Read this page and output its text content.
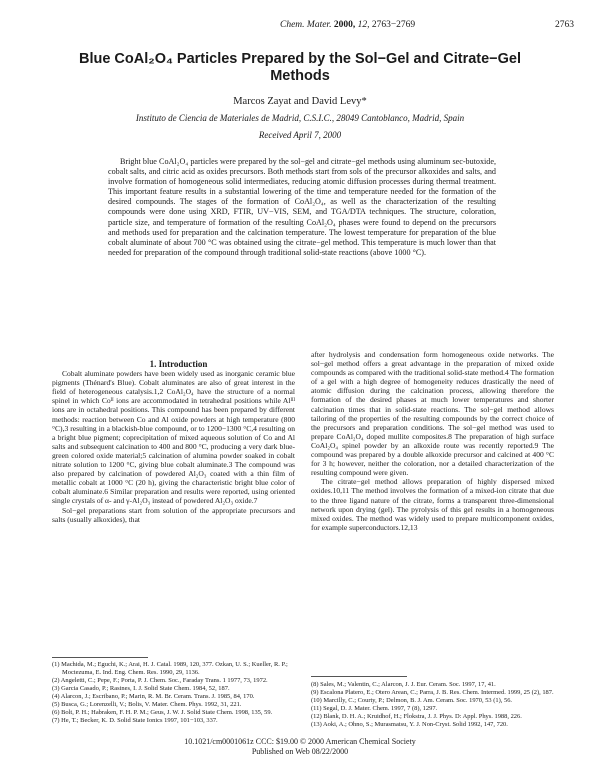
Chem. Mater. 2000, 12, 2763−2769	2763
Blue CoAl₂O₄ Particles Prepared by the Sol−Gel and Citrate−Gel Methods
Marcos Zayat and David Levy*
Instituto de Ciencia de Materiales de Madrid, C.S.I.C., 28049 Cantoblanco, Madrid, Spain
Received April 7, 2000
Bright blue CoAl₂O₄ particles were prepared by the sol−gel and citrate−gel methods using aluminum sec-butoxide, cobalt salts, and citric acid as oxides precursors. Both methods start from sols of the precursor alkoxides and salts, and involve formation of homogeneous solid intermediates, reducing atomic diffusion processes during thermal treatment. This important feature results in a substantial lowering of the time and temperature needed for the formation of the desired compounds. The stages of the formation of CoAl₂O₄, as well as the characterization of the resulting compounds were done using XRD, FTIR, UV−VIS, SEM, and TGA/DTA techniques. The structure, coloration, particle size, and temperature of formation of the resulting CoAl₂O₄ phases were found to depend on the precursors and methods used for preparation and the calcination temperature. The lowest temperature for preparation of the blue cobalt aluminate of about 700 °C was obtained using the citrate−gel method. This temperature is much lower than that needed for preparation of the compound through traditional solid-state reactions (above 1000 °C).

1. Introduction

Cobalt aluminate powders have been widely used as inorganic ceramic blue pigments (Thénard's Blue). Cobalt aluminates are also of great interest in the field of heterogeneous catalysis.1,2 CoAl₂O₄ have the structure of a normal spinel in which Coᴵᴵ ions are accommodated in tetrahedral positions while Alᴵᴵᴵ ions are in octahedral positions. This compound has been prepared by different methods: reaction between Co and Al oxide powders at high temperature (800 °C),3 resulting in a blackish-blue compound, or to 1200−1300 °C,4 resulting on a bright blue pigment; coprecipitation of mixed aqueous solution of Co and Al salts and subsequent calcination to 400 and 800 °C, producing a very dark blue-green colored oxide material;5 calcination of alumina powder soaked in cobalt nitrate solution to 1200 °C, giving blue cobalt aluminate.3 The compound was also prepared by calcination of powdered Al₂O₃ coated with a thin film of metallic cobalt at 1000 °C (20 h), giving the characteristic bright blue color of cobalt aluminate.6 Similar preparation and results were reported, using oriented single crystals of α- and γ-Al₂O₃ instead of powdered Al₂O₃ oxide.7

Sol−gel preparations start from solution of the appropriate precursors and salts (usually alkoxides), that

after hydrolysis and condensation form homogeneous oxide networks. The sol−gel method offers a great advantage in the preparation of mixed oxide compounds as compared with the traditional solid-state method.4 The formation of a gel with a high degree of homogeneity reduces drastically the need of atomic diffusion during the calcination process, allowing therefore the formation of the desired phases at much lower temperatures and shorter calcination times that in solid-state reactions. The sol−gel method allows tailoring of the properties of the resulting compounds by the correct choice of the precursors and preparation conditions. The sol−gel method was used to prepare CoAl₂O₄ doped mullite composites.8 The preparation of high surface CoAl₂O₄ spinel powder by an alkoxide route was recently reported.9 The compound was prepared by a double alkoxide precursor and calcined at 400 °C for 3 h; however, neither the coloration, nor a detailed characterization of the resulting compound were given.

The citrate−gel method allows preparation of highly dispersed mixed oxides.10,11 The method involves the formation of a mixed-ion citrate that due to the three ligand nature of the citrate, forms a transparent three-dimensional network upon drying (gel). The pyrolysis of this gel results in a homogeneous mixed oxides. The method was widely used to prepare multicomponent oxides, for example superconductors.12,13

(1) Machida, M.; Eguchi, K.; Arai, H. J. Catal. 1989, 120, 377. Ozkan, U. S.; Kueller, R. P.; Moctezuma, E. Ind. Eng. Chem. Res. 1990, 29, 1136.
(2) Angeletti, C.; Pepe, F.; Porta, P. J. Chem. Soc., Faraday Trans. 1 1977, 73, 1972.
(3) Garcia Casado, P.; Rasines, I. J. Solid State Chem. 1984, 52, 187.
(4) Alarcon, J.; Escribano, P.; Marin, R. M. Br. Ceram. Trans. J. 1985, 84, 170.
(5) Busca, G.; Lorenzelli, V.; Bolis, V. Mater. Chem. Phys. 1992, 31, 221.
(6) Bolt, P. H.; Habraken, F. H. P. M.; Geus, J. W. J. Solid State Chem. 1998, 135, 59.
(7) He, T.; Becker, K. D. Solid State Ionics 1997, 101−103, 337.
(8) Sales, M.; Valentin, C.; Alarcon, J. J. Eur. Ceram. Soc. 1997, 17, 41.
(9) Escalona Platero, E.; Otero Arean, C.; Parra, J. B. Res. Chem. Intermed. 1999, 25 (2), 187.
(10) Marcilly, C.; Courty, P.; Delmon, B. J. Am. Ceram. Soc. 1970, 53 (1), 56.
(11) Segal, D. J. Mater. Chem. 1997, 7 (8), 1297.
(12) Blank, D. H. A.; Kruidhof, H.; Flokstra, J. J. Phys. D: Appl. Phys. 1988, 226.
(13) Aoki, A.; Ohno, S.; Murasmatsu, Y. J. Non-Cryst. Solid 1992, 147, 720.
10.1021/cm0001061z CCC: $19.00 © 2000 American Chemical Society
Published on Web 08/22/2000
